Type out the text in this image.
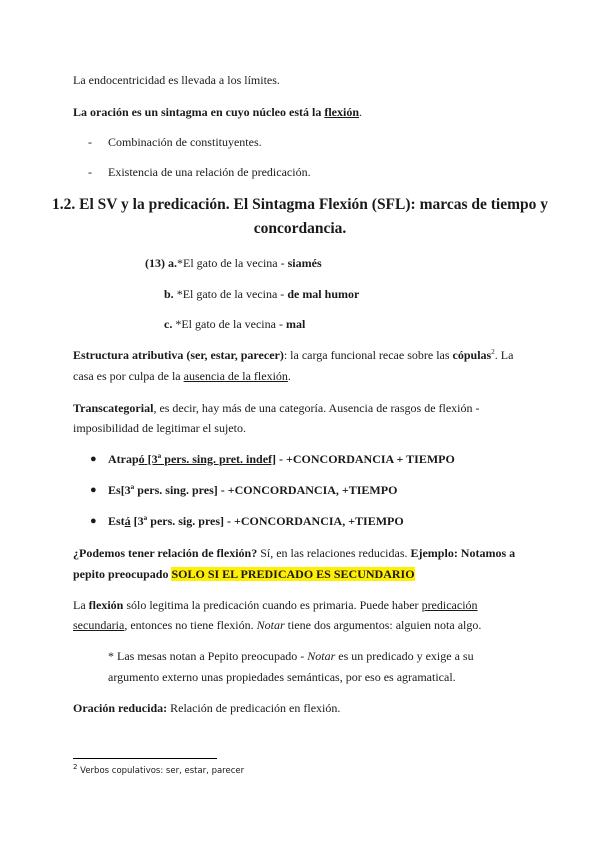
La endocentricidad es llevada a los límites.
La oración es un sintagma en cuyo núcleo está la flexión.
- Combinación de constituyentes.
- Existencia de una relación de predicación.
1.2. El SV y la predicación. El Sintagma Flexión (SFL): marcas de tiempo y
concordancia.
(13) a.*El gato de la vecina - siamés
b. *El gato de la vecina - de mal humor
c. *El gato de la vecina - mal
Estructura atributiva (ser, estar, parecer): la carga funcional recae sobre las cópulas$^2$. La
casa es por culpa de la ausencia de la flexión.
Transcategorial, es decir, hay más de una categoría. Ausencia de rasgos de flexión -
imposibilidad de legitimar el sujeto.
● Atrapó [3ª pers. sing. pret. indef] - +CONCORDANCIA + TIEMPO
● Es[3ª pers. sing. pres] - +CONCORDANCIA, +TIEMPO
● Está [3ª pers. sig. pres] - +CONCORDANCIA, +TIEMPO
¿Podemos tener relación de flexión? Sí, en las relaciones reducidas. Ejemplo: Notamos a
pepito preocupado SOLO SI EL PREDICADO ES SECUNDARIO
La flexión sólo legitima la predicación cuando es primaria. Puede haber predicación
secundaria, entonces no tiene flexión. Notar tiene dos argumentos: alguien nota algo.
* Las mesas notan a Pepito preocupado - Notar es un predicado y exige a su
argumento externo unas propiedades semánticas, por eso es agramatical.
Oración reducida: Relación de predicación en flexión.
$^2$ Verbos copulativos: ser, estar, parecer
